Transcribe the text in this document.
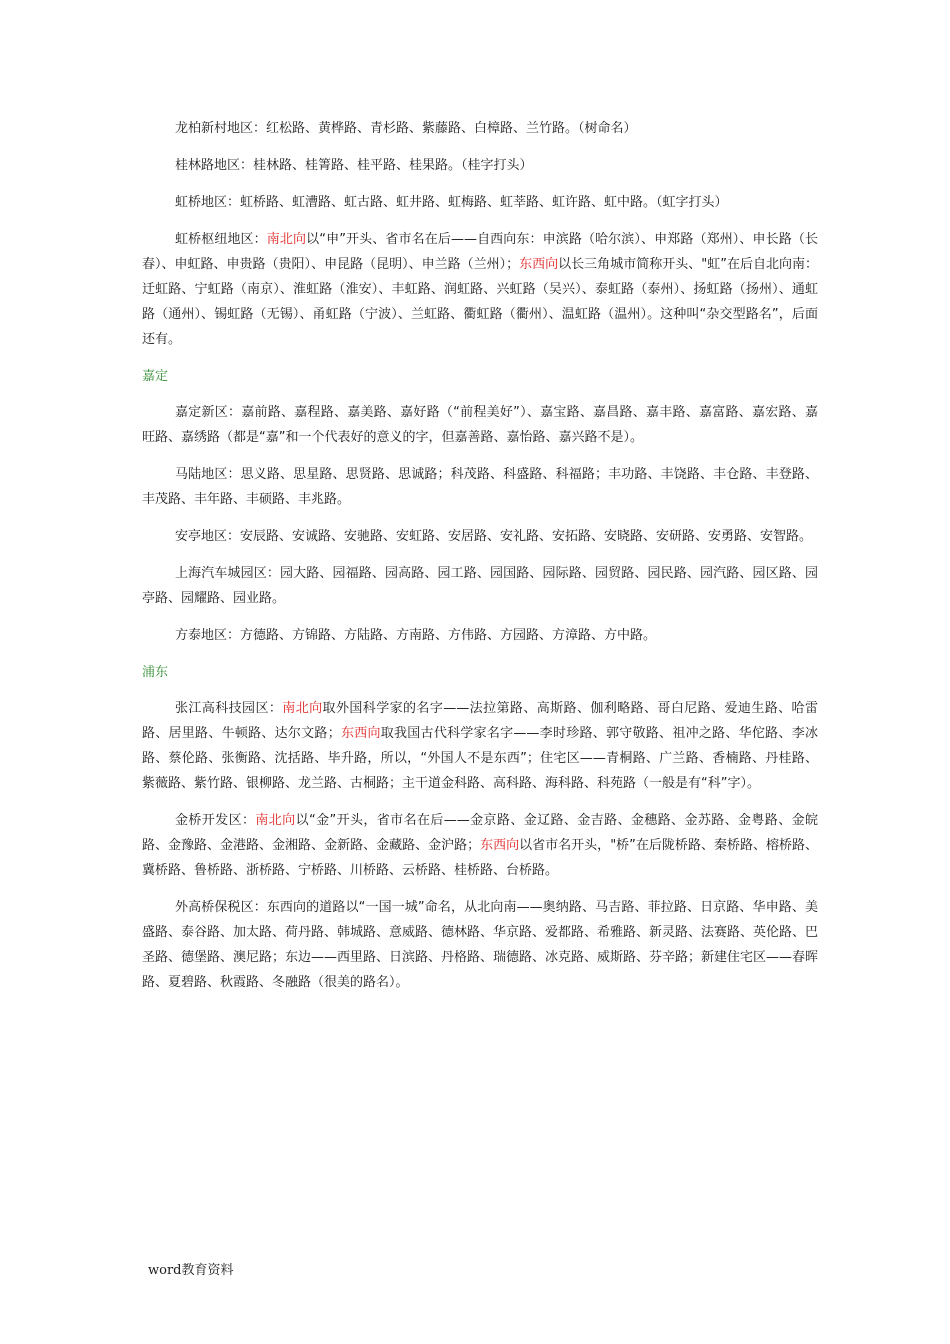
龙柏新村地区：红松路、黄桦路、青杉路、紫藤路、白樟路、兰竹路。（树命名）

桂林路地区：桂林路、桂箐路、桂平路、桂果路。（桂字打头）

虹桥地区：虹桥路、虹漕路、虹古路、虹井路、虹梅路、虹莘路、虹许路、虹中路。（虹字打头）

虹桥枢纽地区：南北向以“申”开头、省市名在后——自西向东：申滨路（哈尔滨）、申郑路（郑州）、申长路（长春）、申虹路、申贵路（贵阳）、申昆路（昆明）、申兰路（兰州）；东西向以长三角城市简称开头、"虹”在后自北向南：迁虹路、宁虹路（南京）、淮虹路（淮安）、丰虹路、润虹路、兴虹路（吴兴）、泰虹路（泰州）、扬虹路（扬州）、通虹路（通州）、锡虹路（无锡）、甬虹路（宁波）、兰虹路、衢虹路（衢州）、温虹路（温州）。这种叫“杂交型路名”，后面还有。

嘉定

嘉定新区：嘉前路、嘉程路、嘉美路、嘉好路（“前程美好”）、嘉宝路、嘉昌路、嘉丰路、嘉富路、嘉宏路、嘉旺路、嘉绣路（都是“嘉”和一个代表好的意义的字，但嘉善路、嘉怡路、嘉兴路不是）。

马陆地区：思义路、思星路、思贤路、思诚路；科茂路、科盛路、科福路；丰功路、丰饶路、丰仓路、丰登路、丰茂路、丰年路、丰硕路、丰兆路。

安亭地区：安辰路、安诚路、安驰路、安虹路、安居路、安礼路、安拓路、安晓路、安研路、安勇路、安智路。

上海汽车城园区：园大路、园福路、园高路、园工路、园国路、园际路、园贸路、园民路、园汽路、园区路、园亭路、园耀路、园业路。

方泰地区：方德路、方锦路、方陆路、方南路、方伟路、方园路、方漳路、方中路。

浦东

张江高科技园区：南北向取外国科学家的名字——法拉第路、高斯路、伽利略路、哥白尼路、爱迪生路、哈雷路、居里路、牛顿路、达尔文路；东西向取我国古代科学家名字——李时珍路、郭守敬路、祖冲之路、华佗路、李冰路、蔡伦路、张衡路、沈括路、毕升路，所以，“外国人不是东西”；住宅区——青桐路、广兰路、香楠路、丹桂路、紫薇路、紫竹路、银柳路、龙兰路、古桐路；主干道金科路、高科路、海科路、科苑路（一般是有“科”字）。

金桥开发区：南北向以“金”开头，省市名在后——金京路、金辽路、金吉路、金穗路、金苏路、金粤路、金皖路、金豫路、金港路、金湘路、金新路、金藏路、金沪路；东西向以省市名开头，"桥”在后陇桥路、秦桥路、榕桥路、冀桥路、鲁桥路、浙桥路、宁桥路、川桥路、云桥路、桂桥路、台桥路。

外高桥保税区：东西向的道路以“一国一城”命名，从北向南——奥纳路、马吉路、菲拉路、日京路、华申路、美盛路、泰谷路、加太路、荷丹路、韩城路、意威路、德林路、华京路、爱都路、希雅路、新灵路、法赛路、英伦路、巴圣路、德堡路、澳尼路；东边——西里路、日滨路、丹格路、瑞德路、冰克路、威斯路、芬辛路；新建住宅区——春晖路、夏碧路、秋霞路、冬融路（很美的路名）。

word教育资料
